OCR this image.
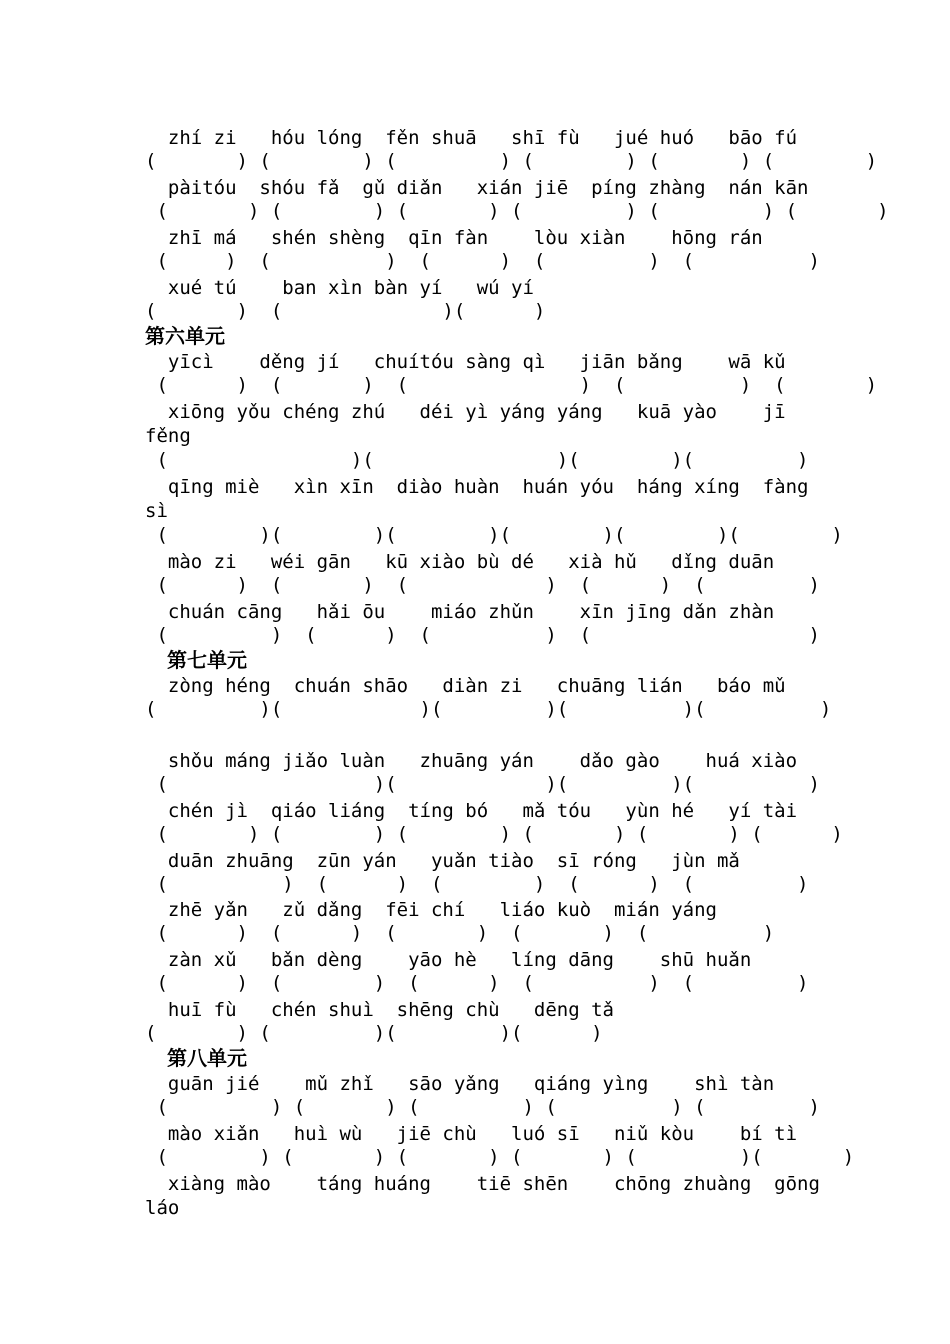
zhí zi   hóu lóng  fěn shuā   shī fù   jué huó   bāo fú
(       ) (        ) (         ) (        ) (       ) (        )
pàitóu  shóu fǎ  gǔ diǎn   xián jiē  píng zhàng  nán kān
(       ) (        ) (       ) (         ) (         ) (       )
zhī má   shén shèng  qīn fàn    lòu xiàn    hōng rán
(     )  (          )  (      )  (         )  (          )
xué tú    ban xìn bàn yí   wú yí
(       )  (              )(      )
第六单元
yīcì    děng jí   chuítóu sàng qì   jiān bǎng    wā kǔ
(      )  (       )  (               )  (          )  (       )
xiōng yǒu chéng zhú   déi yì yáng yáng   kuā yào    jī
fěng
(                )(                )(        )(         )
qīng miè   xìn xīn  diào huàn  huán yóu  háng xíng  fàng
sì
(        )(        )(        )(        )(        )(        )
mào zi   wéi gān   kū xiào bù dé   xià hǔ   dǐng duān
(      )  (       )  (            )  (      )  (         )
chuán cāng   hǎi ōu    miáo zhǔn    xīn jīng dǎn zhàn
(         )  (      )  (          )  (                   )
第七单元
zòng héng  chuán shāo   diàn zi   chuāng lián   báo mǔ
(         )(            )(         )(          )(          )
shǒu máng jiǎo luàn   zhuāng yán    dǎo gào    huá xiào
(                  )(             )(         )(          )
chén jì  qiáo liáng  tíng bó   mǎ tóu   yùn hé   yí tài
(       ) (        ) (        ) (       ) (       ) (      )
duān zhuāng  zūn yán   yuǎn tiào  sī róng   jùn mǎ
(          )  (      )  (        )  (      )  (         )
zhē yǎn   zǔ dǎng  fēi chí   liáo kuò  mián yáng
(      )  (      )  (       )  (       )  (          )
zàn xǔ   bǎn dèng    yāo hè   líng dāng    shū huǎn
(      )  (        )  (      )  (          )  (         )
huī fù   chén shuì  shēng chù   dēng tǎ
(       ) (         )(         )(      )
第八单元
guān jié    mǔ zhǐ   sāo yǎng   qiáng yìng    shì tàn
(         ) (       ) (         ) (          ) (         )
mào xiǎn   huì wù   jiē chù   luó sī   niǔ kòu    bí tì
(        ) (       ) (       ) (       ) (         )(       )
xiàng mào    táng huáng    tiē shēn    chōng zhuàng  gōng
láo
